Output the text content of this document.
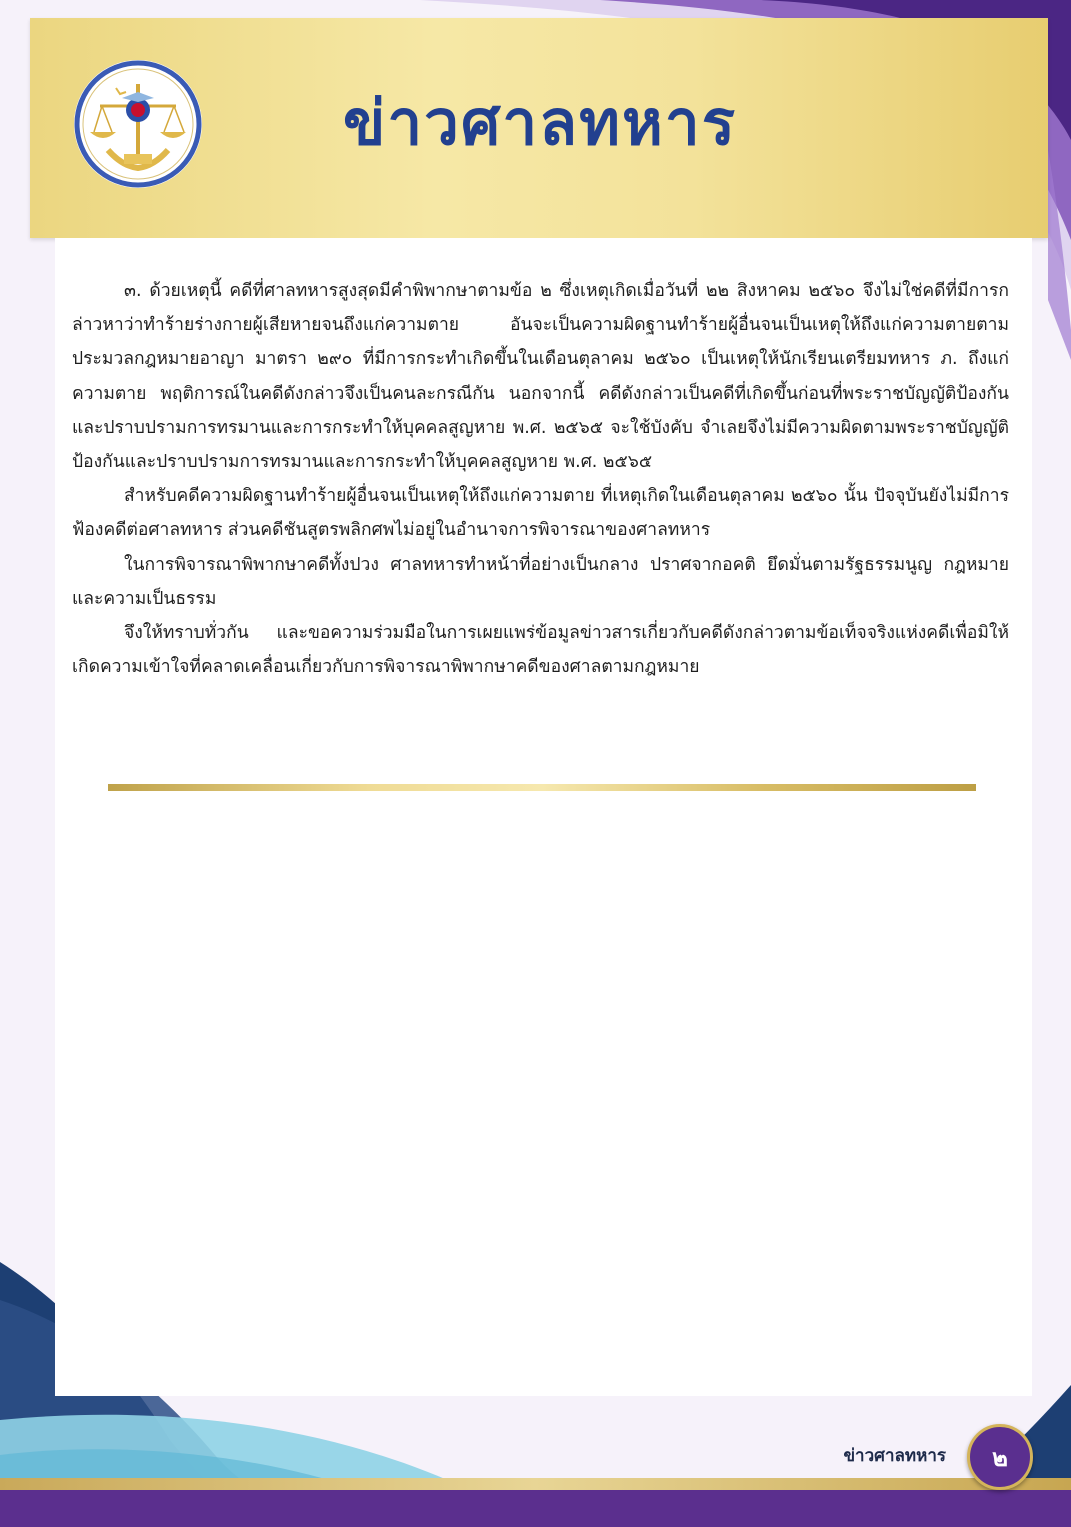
ข่าวศาลทหาร

๓. ด้วยเหตุนี้ คดีที่ศาลทหารสูงสุดมีคำพิพากษาตามข้อ ๒ ซึ่งเหตุเกิดเมื่อวันที่ ๒๒ สิงหาคม ๒๕๖๐ จึงไม่ใช่คดีที่มีการกล่าวหาว่าทำร้ายร่างกายผู้เสียหายจนถึงแก่ความตาย อันจะเป็นความผิดฐานทำร้ายผู้อื่นจนเป็นเหตุให้ถึงแก่ความตายตามประมวลกฎหมายอาญา มาตรา ๒๙๐ ที่มีการกระทำเกิดขึ้นในเดือนตุลาคม ๒๕๖๐ เป็นเหตุให้นักเรียนเตรียมทหาร ภ. ถึงแก่ความตาย พฤติการณ์ในคดีดังกล่าวจึงเป็นคนละกรณีกัน นอกจากนี้ คดีดังกล่าวเป็นคดีที่เกิดขึ้นก่อนที่พระราชบัญญัติป้องกันและปราบปรามการทรมานและการกระทำให้บุคคลสูญหาย พ.ศ. ๒๕๖๕ จะใช้บังคับ จำเลยจึงไม่มีความผิดตามพระราชบัญญัติป้องกันและปราบปรามการทรมานและการกระทำให้บุคคลสูญหาย พ.ศ. ๒๕๖๕

สำหรับคดีความผิดฐานทำร้ายผู้อื่นจนเป็นเหตุให้ถึงแก่ความตาย ที่เหตุเกิดในเดือนตุลาคม ๒๕๖๐ นั้น ปัจจุบันยังไม่มีการฟ้องคดีต่อศาลทหาร ส่วนคดีชันสูตรพลิกศพไม่อยู่ในอำนาจการพิจารณาของศาลทหาร

ในการพิจารณาพิพากษาคดีทั้งปวง ศาลทหารทำหน้าที่อย่างเป็นกลาง ปราศจากอคติ ยึดมั่นตามรัฐธรรมนูญ กฎหมาย และความเป็นธรรม

จึงให้ทราบทั่วกัน และขอความร่วมมือในการเผยแพร่ข้อมูลข่าวสารเกี่ยวกับคดีดังกล่าวตามข้อเท็จจริงแห่งคดีเพื่อมิให้เกิดความเข้าใจที่คลาดเคลื่อนเกี่ยวกับการพิจารณาพิพากษาคดีของศาลตามกฎหมาย

ข่าวศาลทหาร ๒
